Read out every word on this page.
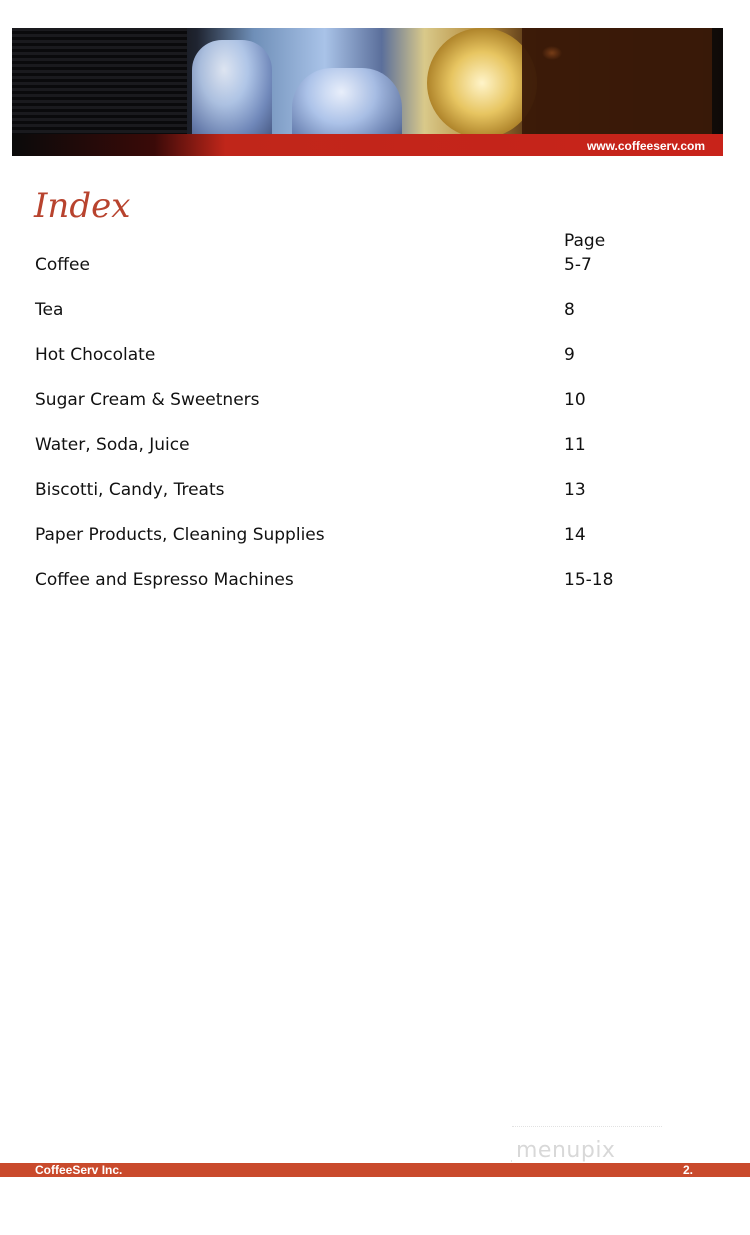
www.coffeeserv.com
Index
Page
Coffee	5-7
Tea	8
Hot Chocolate	9
Sugar Cream & Sweetners	10
Water, Soda, Juice	11
Biscotti, Candy, Treats	13
Paper Products, Cleaning Supplies	14
Coffee and Espresso Machines	15-18
menupix
CoffeeServ Inc.	2.
